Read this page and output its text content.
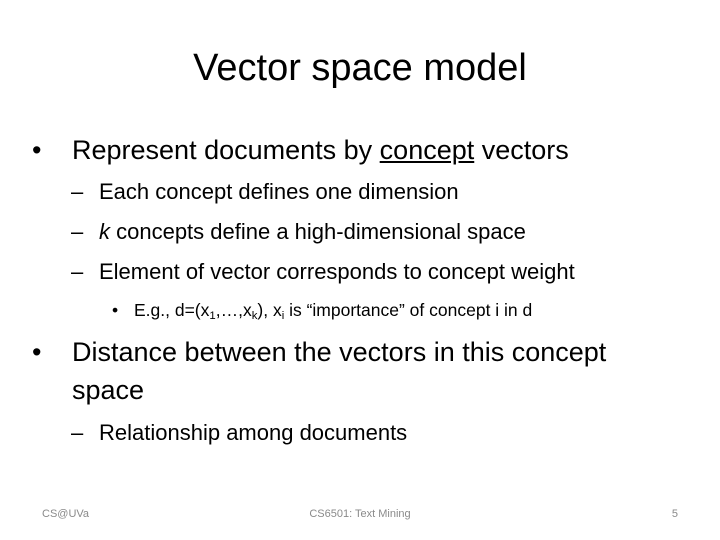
Vector space model
• Represent documents by concept vectors
– Each concept defines one dimension
– k concepts define a high-dimensional space
– Element of vector corresponds to concept weight
• E.g., $d=(x_1,\dots,x_k)$, $x_i$ is “importance” of concept i in d
• Distance between the vectors in this concept
space
– Relationship among documents
CS@UVa	CS6501: Text Mining	5
